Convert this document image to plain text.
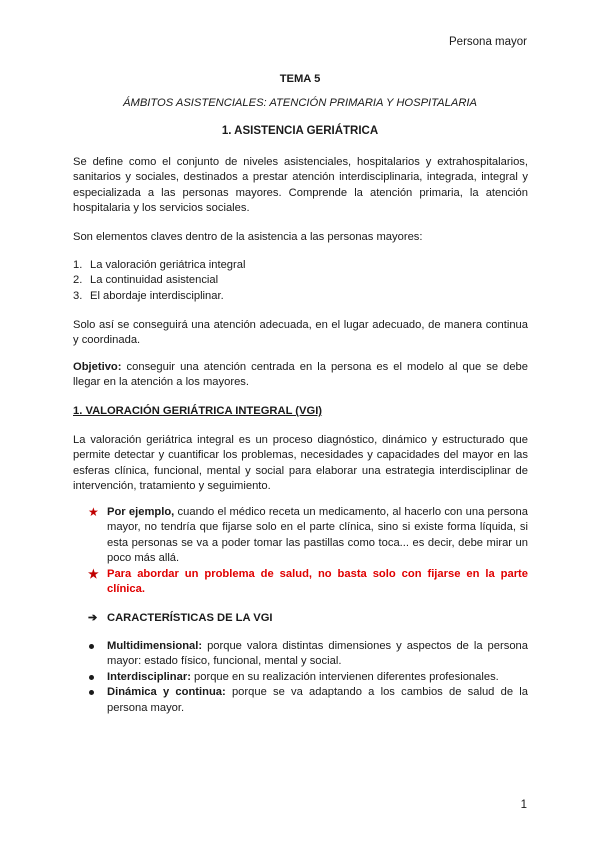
Persona mayor
TEMA 5
ÁMBITOS ASISTENCIALES: ATENCIÓN PRIMARIA Y HOSPITALARIA
1. ASISTENCIA GERIÁTRICA

Se define como el conjunto de niveles asistenciales, hospitalarios y extrahospitalarios, sanitarios y sociales, destinados a prestar atención interdisciplinaria, integrada, integral y especializada a las personas mayores. Comprende la atención primaria, la atención hospitalaria y los servicios sociales.

Son elementos claves dentro de la asistencia a las personas mayores:

1. La valoración geriátrica integral
2. La continuidad asistencial
3. El abordaje interdisciplinar.

Solo así se conseguirá una atención adecuada, en el lugar adecuado, de manera continua y coordinada.

Objetivo: conseguir una atención centrada en la persona es el modelo al que se debe llegar en la atención a los mayores.

1. VALORACIÓN GERIÁTRICA INTEGRAL (VGI)

La valoración geriátrica integral es un proceso diagnóstico, dinámico y estructurado que permite detectar y cuantificar los problemas, necesidades y capacidades del mayor en las esferas clínica, funcional, mental y social para elaborar una estrategia interdisciplinar de intervención, tratamiento y seguimiento.

★ Por ejemplo, cuando el médico receta un medicamento, al hacerlo con una persona mayor, no tendría que fijarse solo en el parte clínica, sino si existe forma líquida, si esta personas se va a poder tomar las pastillas como toca... es decir, debe mirar un poco más allá.
★ Para abordar un problema de salud, no basta solo con fijarse en la parte clínica.
➔ CARACTERÍSTICAS DE LA VGI
Multidimensional: porque valora distintas dimensiones y aspectos de la persona mayor: estado físico, funcional, mental y social.
Interdisciplinar: porque en su realización intervienen diferentes profesionales.
Dinámica y continua: porque se va adaptando a los cambios de salud de la persona mayor.
1
